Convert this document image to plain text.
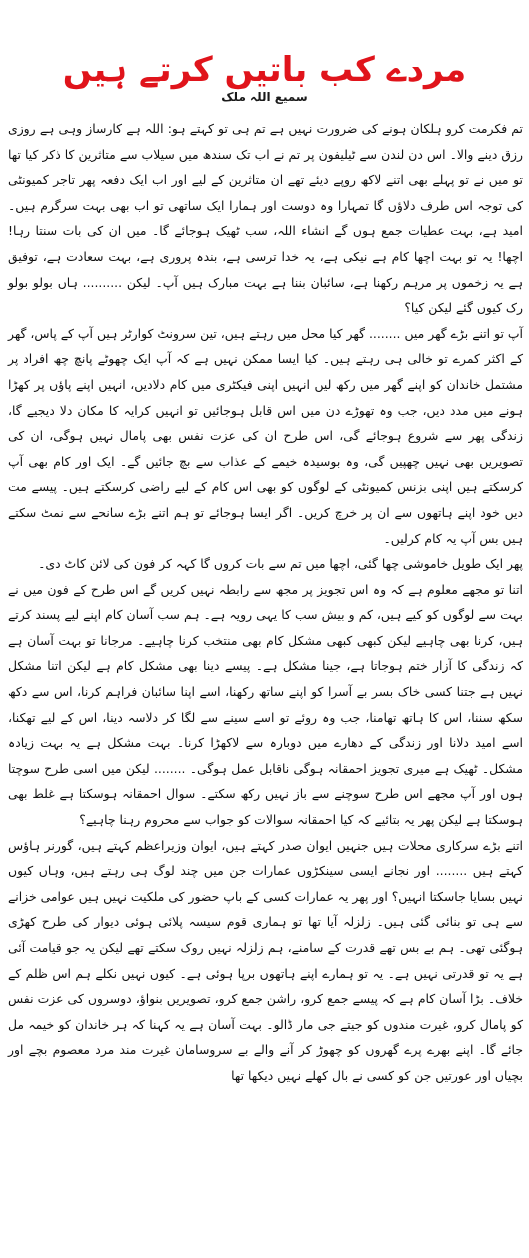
مردے کب باتیں کرتے ہیں
سمیع اللہ ملک

تم فکرمت کرو ہلکان ہونے کی ضرورت نہیں ہے تم ہی تو کہتے ہو: اللہ ہے کارساز وہی ہے روزی رزق دینے والا۔ اس دن لندن سے ٹیلیفون پر تم نے اب تک سندھ میں سیلاب سے متاثرین کا ذکر کیا تھا تو میں نے تو پہلے بھی اتنے لاکھ روپے دیئے تھے ان متاثرین کے لیے اور اب ایک دفعہ پھر تاجر کمیونٹی کی توجہ اس طرف دلاؤں گا تمہارا وہ دوست اور ہمارا ایک ساتھی تو اب بھی بہت سرگرم ہیں۔ امید ہے، بہت عطیات جمع ہوں گے انشاء اللہ، سب ٹھیک ہوجائے گا۔ میں ان کی بات سنتا رہا! اچھا! یہ تو بہت اچھا کام ہے نیکی ہے، یہ خدا ترسی ہے، بندہ پروری ہے، بہت سعادت ہے، توفیق ہے یہ زخموں پر مرہم رکھنا ہے، سائبان بننا ہے بہت مبارک ہیں آپ۔ لیکن .......... ہاں بولو بولو رک کیوں گئے لیکن کیا؟

آپ تو اتنے بڑے گھر میں ........ گھر کیا محل میں رہتے ہیں، تین سرونٹ کوارٹر ہیں آپ کے پاس، گھر کے اکثر کمرے تو خالی ہی رہتے ہیں۔ کیا ایسا ممکن نہیں ہے کہ آپ ایک چھوٹے پانچ چھ افراد پر مشتمل خاندان کو اپنے گھر میں رکھ لیں انہیں اپنی فیکٹری میں کام دلادیں، انہیں اپنے پاؤں پر کھڑا ہونے میں مدد دیں، جب وہ تھوڑے دن میں اس قابل ہوجائیں تو انہیں کرایہ کا مکان دلا دیجیے گا، زندگی پھر سے شروع ہوجائے گی، اس طرح ان کی عزت نفس بھی پامال نہیں ہوگی، ان کی تصویریں بھی نہیں چھپیں گی، وہ بوسیدہ خیمے کے عذاب سے بچ جائیں گے۔ ایک اور کام بھی آپ کرسکتے ہیں اپنی بزنس کمیونٹی کے لوگوں کو بھی اس کام کے لیے راضی کرسکتے ہیں۔ پیسے مت دیں خود اپنے ہاتھوں سے ان پر خرچ کریں۔ اگر ایسا ہوجائے تو ہم اتنے بڑے سانحے سے نمٹ سکتے ہیں بس آپ یہ کام کرلیں۔

پھر ایک طویل خاموشی چھا گئی، اچھا میں تم سے بات کروں گا کہہ کر فون کی لائن کاٹ دی۔

اتنا تو مجھے معلوم ہے کہ وہ اس تجویز پر مجھ سے رابطہ نہیں کریں گے اس طرح کے فون میں نے بہت سے لوگوں کو کیے ہیں، کم و بیش سب کا یہی رویہ ہے۔ ہم سب آسان کام اپنے لیے پسند کرتے ہیں، کرنا بھی چاہیے لیکن کبھی کبھی مشکل کام بھی منتخب کرنا چاہیے۔ مرجانا تو بہت آسان ہے کہ زندگی کا آزار ختم ہوجاتا ہے، جینا مشکل ہے۔ پیسے دینا بھی مشکل کام ہے لیکن اتنا مشکل نہیں ہے جتنا کسی خاک بسر بے آسرا کو اپنے ساتھ رکھنا، اسے اپنا سائبان فراہم کرنا، اس سے دکھ سکھ سننا، اس کا ہاتھ تھامنا، جب وہ روئے تو اسے سینے سے لگا کر دلاسہ دینا، اس کے لیے تھکنا، اسے امید دلانا اور زندگی کے دھارے میں دوبارہ سے لاکھڑا کرنا۔ بہت مشکل ہے یہ بہت زیادہ مشکل۔ ٹھیک ہے میری تجویز احمقانہ ہوگی ناقابل عمل ہوگی۔ ........ لیکن میں اسی طرح سوچتا ہوں اور آپ مجھے اس طرح سوچنے سے باز نہیں رکھ سکتے۔ سوال احمقانہ ہوسکتا ہے غلط بھی ہوسکتا ہے لیکن پھر یہ بتائیے کہ کیا احمقانہ سوالات کو جواب سے محروم رہنا چاہیے؟

اتنے بڑے سرکاری محلات ہیں جنہیں ایوان صدر کہتے ہیں، ایوان وزیراعظم کہتے ہیں، گورنر ہاؤس کہتے ہیں ........ اور نجانے ایسی سینکڑوں عمارات جن میں چند لوگ ہی رہتے ہیں، وہاں کیوں نہیں بسایا جاسکتا انہیں؟ اور پھر یہ عمارات کسی کے باپ حضور کی ملکیت نہیں ہیں عوامی خزانے سے ہی تو بنائی گئی ہیں۔ زلزلہ آیا تھا تو ہماری قوم سیسہ پلائی ہوئی دیوار کی طرح کھڑی ہوگئی تھی۔ ہم بے بس تھے قدرت کے سامنے، ہم زلزلہ نہیں روک سکتے تھے لیکن یہ جو قیامت آئی ہے یہ تو قدرتی نہیں ہے۔ یہ تو ہمارے اپنے ہاتھوں برپا ہوئی ہے۔ کیوں نہیں نکلے ہم اس ظلم کے خلاف۔ بڑا آسان کام ہے کہ پیسے جمع کرو، راشن جمع کرو، تصویریں بنواؤ، دوسروں کی عزت نفس کو پامال کرو، غیرت مندوں کو جیتے جی مار ڈالو۔ بہت آسان ہے یہ کہنا کہ ہر خاندان کو خیمہ مل جائے گا۔ اپنے بھرے پرے گھروں کو چھوڑ کر آنے والے بے سروسامان غیرت مند مرد معصوم بچے اور بچیاں اور عورتیں جن کو کسی نے بال کھلے نہیں دیکھا تھا
